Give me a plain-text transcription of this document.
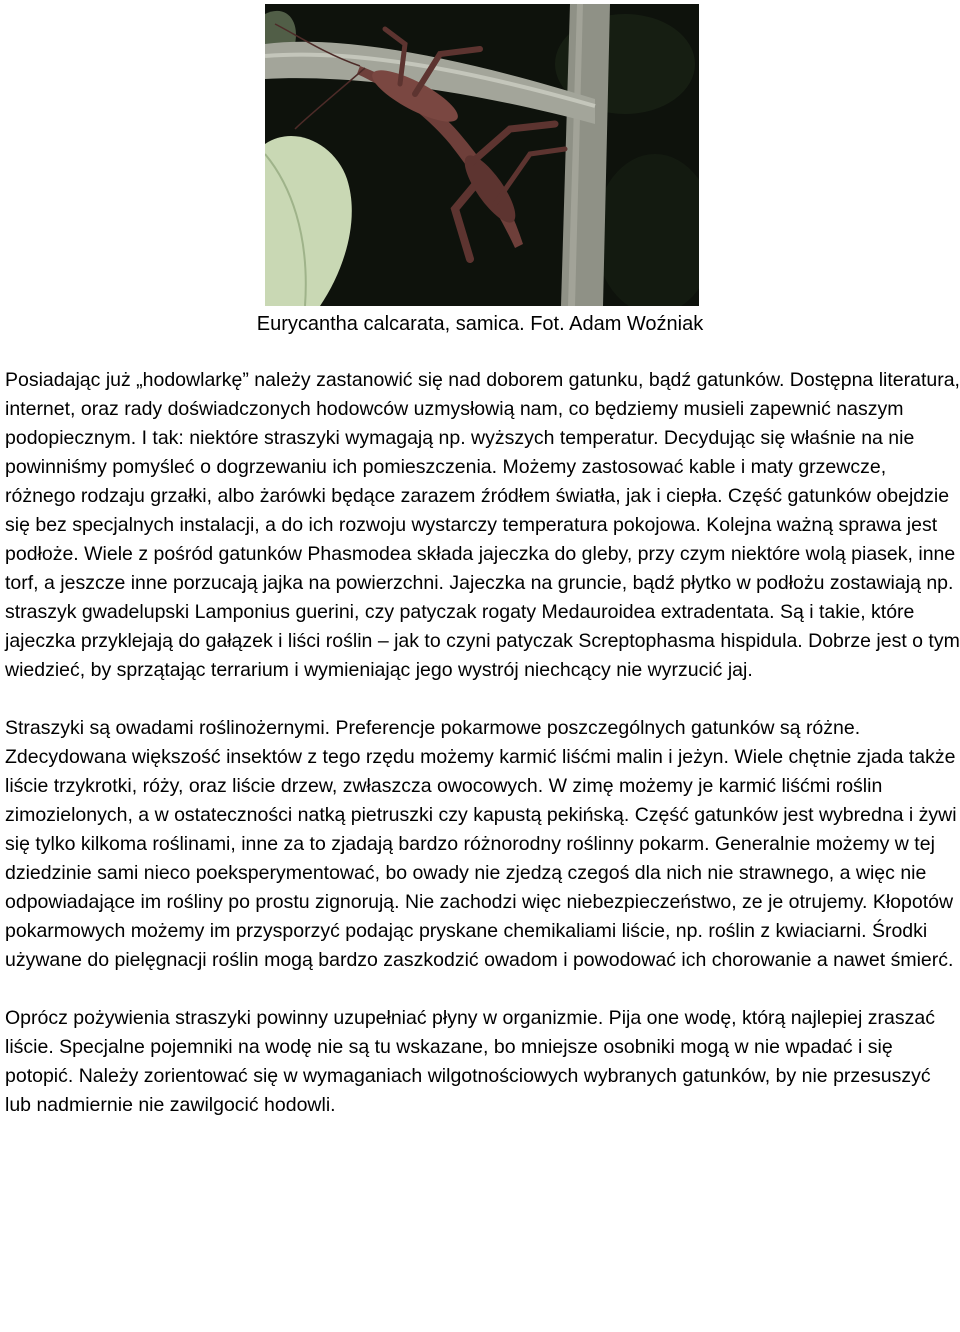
Eurycantha calcarata, samica. Fot. Adam Woźniak

Posiadając już „hodowlarkę” należy zastanowić się nad doborem gatunku, bądź gatunków. Dostępna literatura, internet, oraz rady doświadczonych hodowców uzmysłowią nam, co będziemy musieli zapewnić naszym podopiecznym. I tak: niektóre straszyki wymagają np. wyższych temperatur. Decydując się właśnie na nie powinniśmy pomyśleć o dogrzewaniu ich pomieszczenia. Możemy zastosować kable i maty grzewcze, różnego rodzaju grzałki, albo żarówki będące zarazem źródłem światła, jak i ciepła. Część gatunków obejdzie się bez specjalnych instalacji, a do ich rozwoju wystarczy temperatura pokojowa. Kolejna ważną sprawa jest podłoże. Wiele z pośród gatunków Phasmodea składa jajeczka do gleby, przy czym niektóre wolą piasek, inne torf, a jeszcze inne porzucają jajka na powierzchni. Jajeczka na gruncie, bądź płytko w podłożu zostawiają np. straszyk gwadelupski Lamponius guerini, czy patyczak rogaty Medauroidea extradentata. Są i takie, które jajeczka przyklejają do gałązek i liści roślin – jak to czyni patyczak Screptophasma hispidula. Dobrze jest o tym wiedzieć, by sprzątając terrarium i wymieniając jego wystrój niechcący nie wyrzucić jaj.

Straszyki są owadami roślinożernymi. Preferencje pokarmowe poszczególnych gatunków są różne. Zdecydowana większość insektów z tego rzędu możemy karmić liśćmi malin i jeżyn. Wiele chętnie zjada także liście trzykrotki, róży, oraz liście drzew, zwłaszcza owocowych. W zimę możemy je karmić liśćmi roślin zimozielonych, a w ostateczności natką pietruszki czy kapustą pekińską. Część gatunków jest wybredna i żywi się tylko kilkoma roślinami, inne za to zjadają bardzo różnorodny roślinny pokarm. Generalnie możemy w tej dziedzinie sami nieco poeksperymentować, bo owady nie zjedzą czegoś dla nich nie strawnego, a więc nie odpowiadające im rośliny po prostu zignorują. Nie zachodzi więc niebezpieczeństwo, ze je otrujemy. Kłopotów pokarmowych możemy im przysporzyć podając pryskane chemikaliami liście, np. roślin z kwiaciarni. Środki używane do pielęgnacji roślin mogą bardzo zaszkodzić owadom i powodować ich chorowanie a nawet śmierć.

Oprócz pożywienia straszyki powinny uzupełniać płyny w organizmie. Pija one wodę, którą najlepiej zraszać liście. Specjalne pojemniki na wodę nie są tu wskazane, bo mniejsze osobniki mogą w nie wpadać i się potopić. Należy zorientować się w wymaganiach wilgotnościowych wybranych gatunków, by nie przesuszyć lub nadmiernie nie zawilgocić hodowli.
